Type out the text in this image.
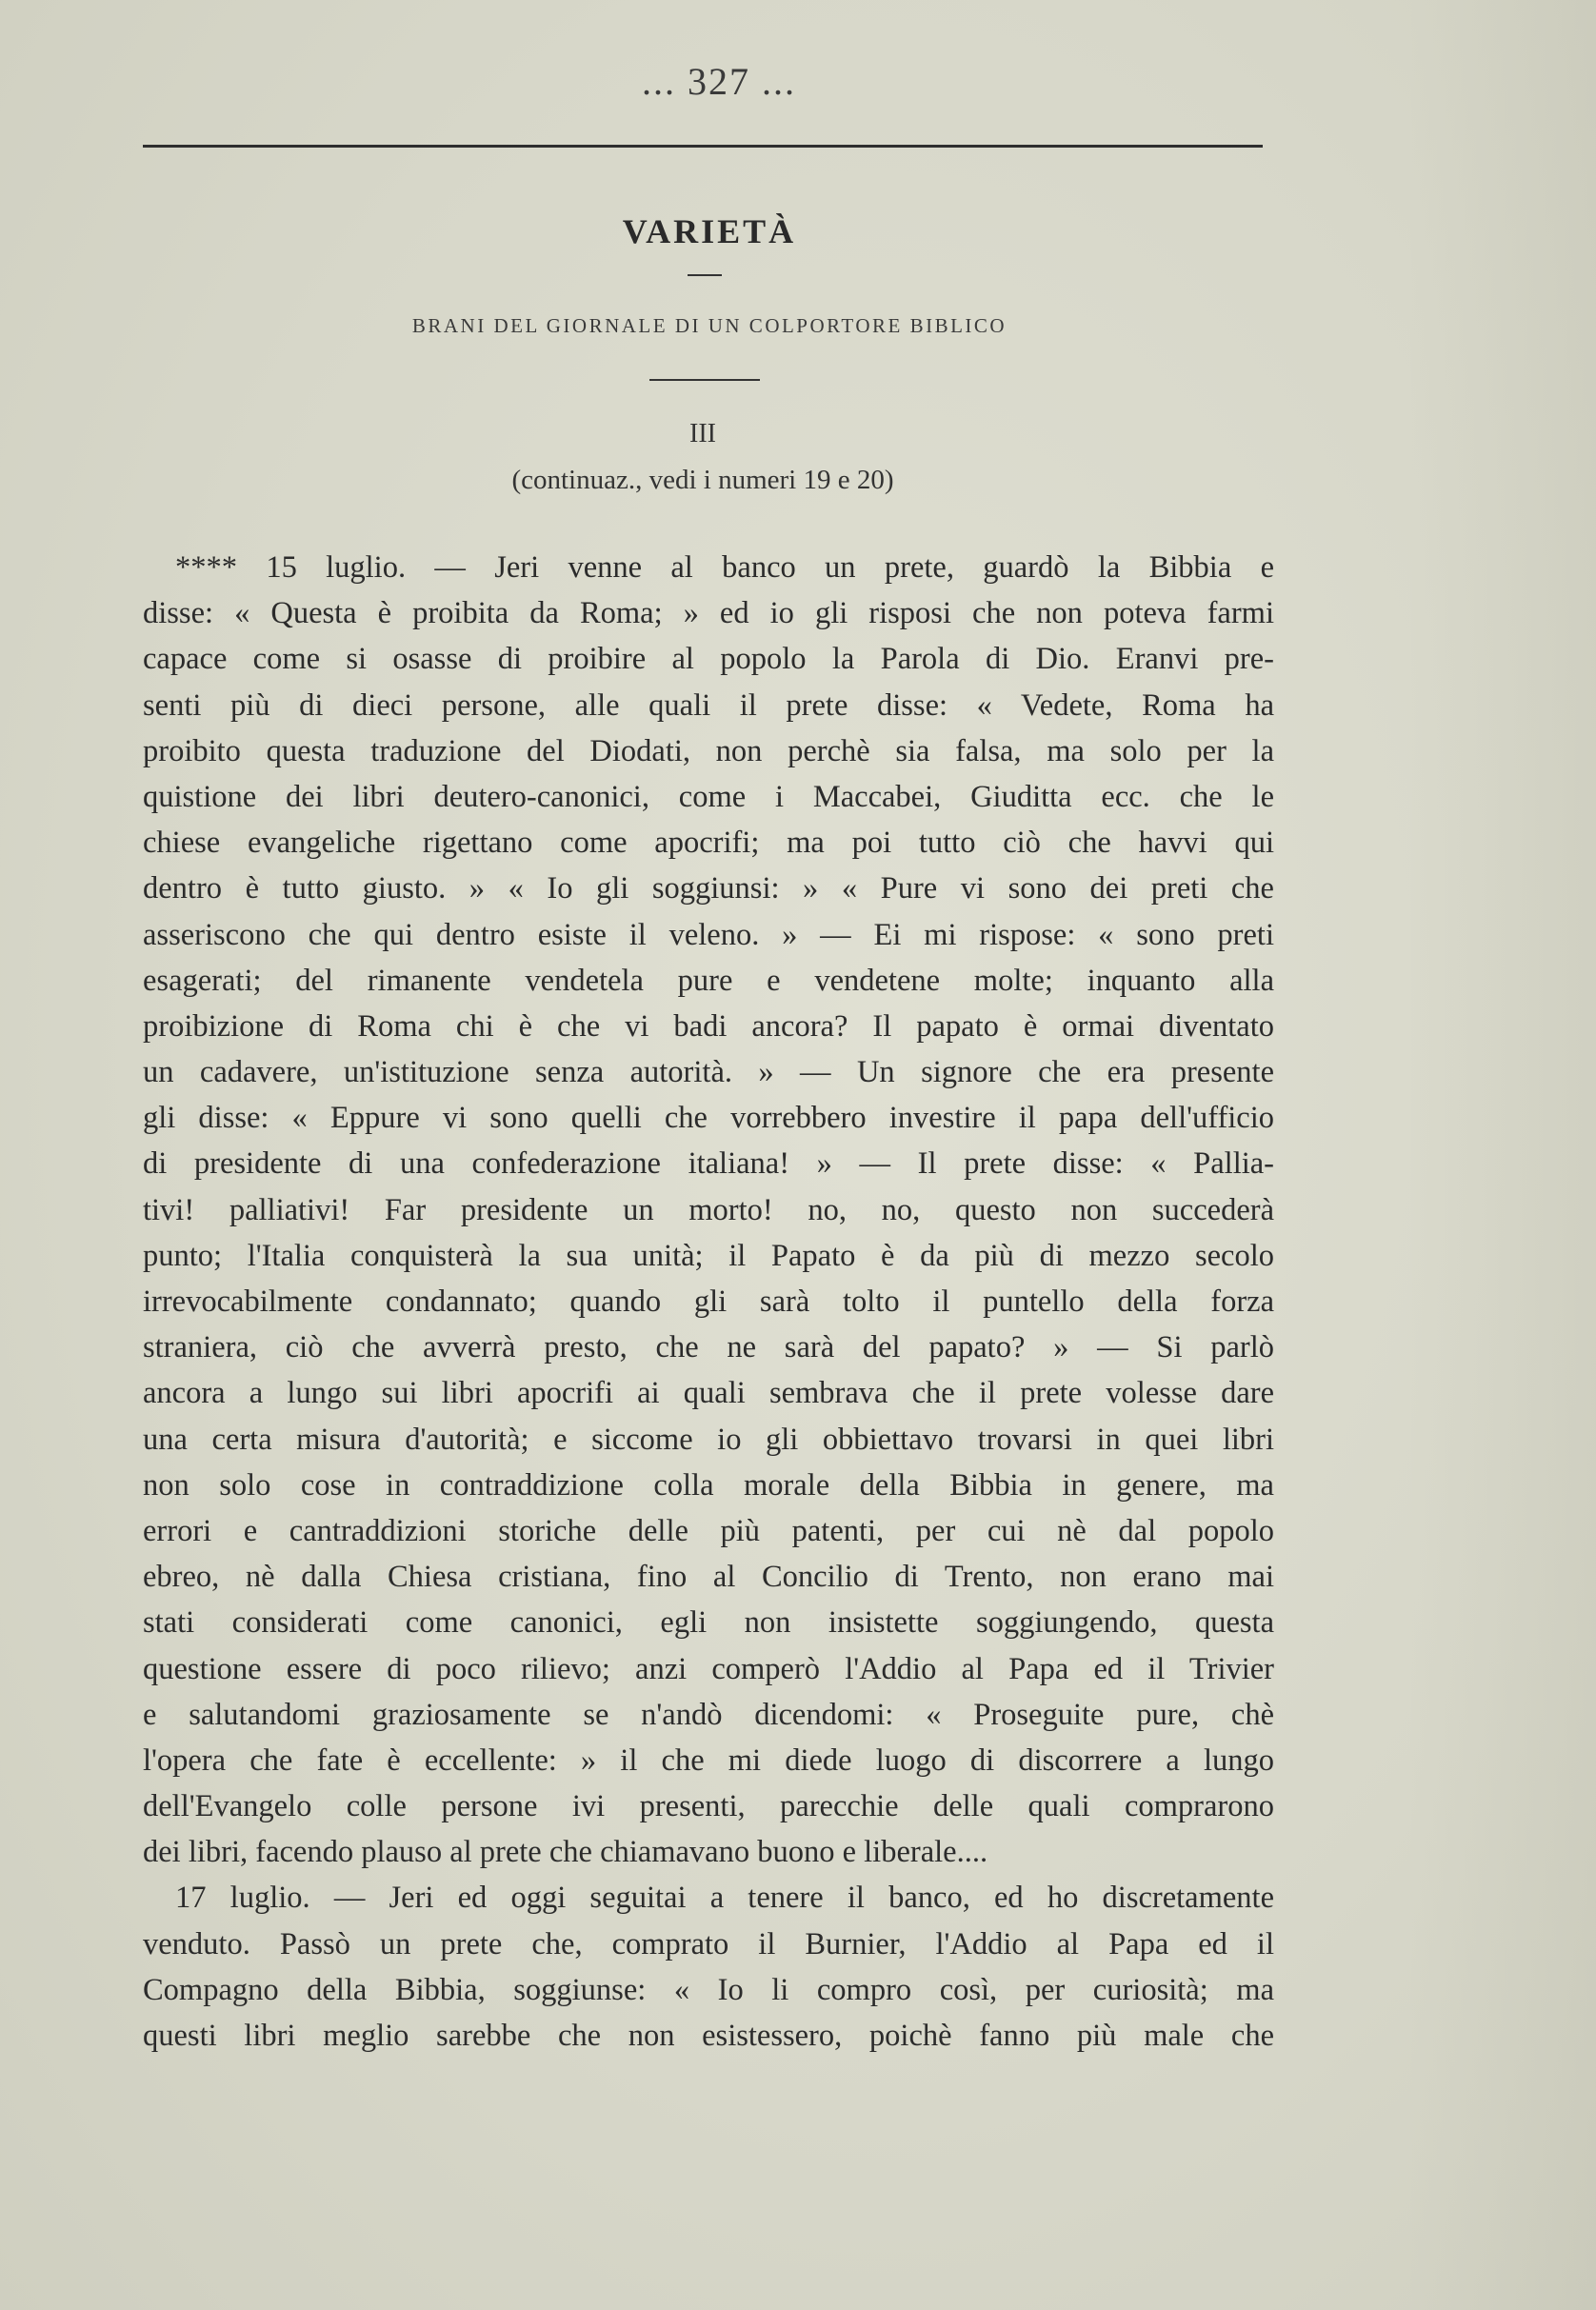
... 327 ...
VARIETÀ
BRANI DEL GIORNALE DI UN COLPORTORE BIBLICO
III
(continuaz., vedi i numeri 19 e 20)
**** 15 luglio. — Jeri venne al banco un prete, guardò la Bibbia e
disse: « Questa è proibita da Roma; » ed io gli risposi che non poteva farmi
capace come si osasse di proibire al popolo la Parola di Dio. Eranvi pre-
senti più di dieci persone, alle quali il prete disse: « Vedete, Roma ha
proibito questa traduzione del Diodati, non perchè sia falsa, ma solo per la
quistione dei libri deutero-canonici, come i Maccabei, Giuditta ecc. che le
chiese evangeliche rigettano come apocrifi; ma poi tutto ciò che havvi qui
dentro è tutto giusto. » « Io gli soggiunsi: » « Pure vi sono dei preti che
asseriscono che qui dentro esiste il veleno. » — Ei mi rispose: « sono preti
esagerati; del rimanente vendetela pure e vendetene molte; inquanto alla
proibizione di Roma chi è che vi badi ancora? Il papato è ormai diventato
un cadavere, un'istituzione senza autorità. » — Un signore che era presente
gli disse: « Eppure vi sono quelli che vorrebbero investire il papa dell'ufficio
di presidente di una confederazione italiana! » — Il prete disse: « Pallia-
tivi! palliativi! Far presidente un morto! no, no, questo non succederà
punto; l'Italia conquisterà la sua unità; il Papato è da più di mezzo secolo
irrevocabilmente condannato; quando gli sarà tolto il puntello della forza
straniera, ciò che avverrà presto, che ne sarà del papato? » — Si parlò
ancora a lungo sui libri apocrifi ai quali sembrava che il prete volesse dare
una certa misura d'autorità; e siccome io gli obbiettavo trovarsi in quei libri
non solo cose in contraddizione colla morale della Bibbia in genere, ma
errori e cantraddizioni storiche delle più patenti, per cui nè dal popolo
ebreo, nè dalla Chiesa cristiana, fino al Concilio di Trento, non erano mai
stati considerati come canonici, egli non insistette soggiungendo, questa
questione essere di poco rilievo; anzi comperò l'Addio al Papa ed il Trivier
e salutandomi graziosamente se n'andò dicendomi: « Proseguite pure, chè
l'opera che fate è eccellente: » il che mi diede luogo di discorrere a lungo
dell'Evangelo colle persone ivi presenti, parecchie delle quali comprarono
dei libri, facendo plauso al prete che chiamavano buono e liberale....
17 luglio. — Jeri ed oggi seguitai a tenere il banco, ed ho discretamente
venduto. Passò un prete che, comprato il Burnier, l'Addio al Papa ed il
Compagno della Bibbia, soggiunse: « Io li compro così, per curiosità; ma
questi libri meglio sarebbe che non esistessero, poichè fanno più male che
